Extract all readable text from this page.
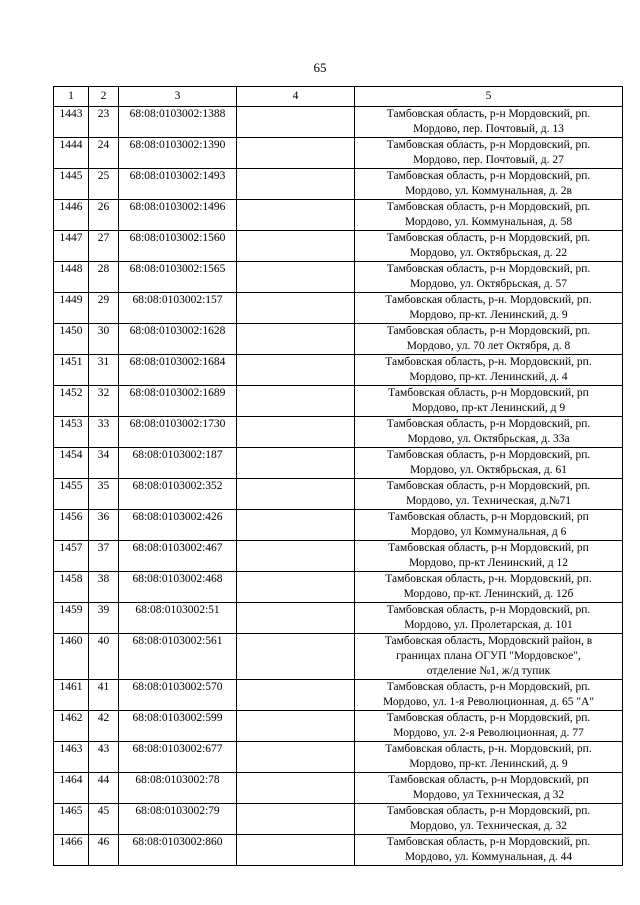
65
1	2	3	4	5
1443	23	68:08:0103002:1388		Тамбовская область, р-н Мордовский, рп.
Мордово, пер. Почтовый, д. 13

1444	24	68:08:0103002:1390		Тамбовская область, р-н Мордовский, рп.
Мордово, пер. Почтовый, д. 27

1445	25	68:08:0103002:1493		Тамбовская область, р-н Мордовский, рп.
Мордово, ул. Коммунальная, д. 2в

1446	26	68:08:0103002:1496		Тамбовская область, р-н Мордовский, рп.
Мордово, ул. Коммунальная, д. 58

1447	27	68:08:0103002:1560		Тамбовская область, р-н Мордовский, рп.
Мордово, ул. Октябрьская, д. 22

1448	28	68:08:0103002:1565		Тамбовская область, р-н Мордовский, рп.
Мордово, ул. Октябрьская, д. 57

1449	29	68:08:0103002:157		Тамбовская область, р-н. Мордовский, рп.
Мордово, пр-кт. Ленинский, д. 9

1450	30	68:08:0103002:1628		Тамбовская область, р-н Мордовский, рп.
Мордово, ул. 70 лет Октября, д. 8

1451	31	68:08:0103002:1684		Тамбовская область, р-н. Мордовский, рп.
Мордово, пр-кт. Ленинский, д. 4

1452	32	68:08:0103002:1689		Тамбовская область, р-н Мордовский, рп
Мордово, пр-кт Ленинский, д 9

1453	33	68:08:0103002:1730		Тамбовская область, р-н Мордовский, рп.
Мордово, ул. Октябрьская, д. 33а

1454	34	68:08:0103002:187		Тамбовская область, р-н Мордовский, рп.
Мордово, ул. Октябрьская, д. 61

1455	35	68:08:0103002:352		Тамбовская область, р-н Мордовский, рп.
Мордово, ул. Техническая, д.№71

1456	36	68:08:0103002:426		Тамбовская область, р-н Мордовский, рп
Мордово, ул Коммунальная, д 6

1457	37	68:08:0103002:467		Тамбовская область, р-н Мордовский, рп
Мордово, пр-кт Ленинский, д 12

1458	38	68:08:0103002:468		Тамбовская область, р-н. Мордовский, рп.
Мордово, пр-кт. Ленинский, д. 12б

1459	39	68:08:0103002:51		Тамбовская область, р-н Мордовский, рп.
Мордово, ул. Пролетарская, д. 101

1460	40	68:08:0103002:561		Тамбовская область, Мордовский район, в
границах плана ОГУП "Мордовское",
отделение №1, ж/д тупик

1461	41	68:08:0103002:570		Тамбовская область, р-н Мордовский, рп.
Мордово, ул. 1-я Революционная, д. 65 "А"

1462	42	68:08:0103002:599		Тамбовская область, р-н Мордовский, рп.
Мордово, ул. 2-я Революционная, д. 77

1463	43	68:08:0103002:677		Тамбовская область, р-н. Мордовский, рп.
Мордово, пр-кт. Ленинский, д. 9

1464	44	68:08:0103002:78		Тамбовская область, р-н Мордовский, рп
Мордово, ул Техническая, д 32

1465	45	68:08:0103002:79		Тамбовская область, р-н Мордовский, рп.
Мордово, ул. Техническая, д. 32

1466	46	68:08:0103002:860		Тамбовская область, р-н Мордовский, рп.
Мордово, ул. Коммунальная, д. 44
